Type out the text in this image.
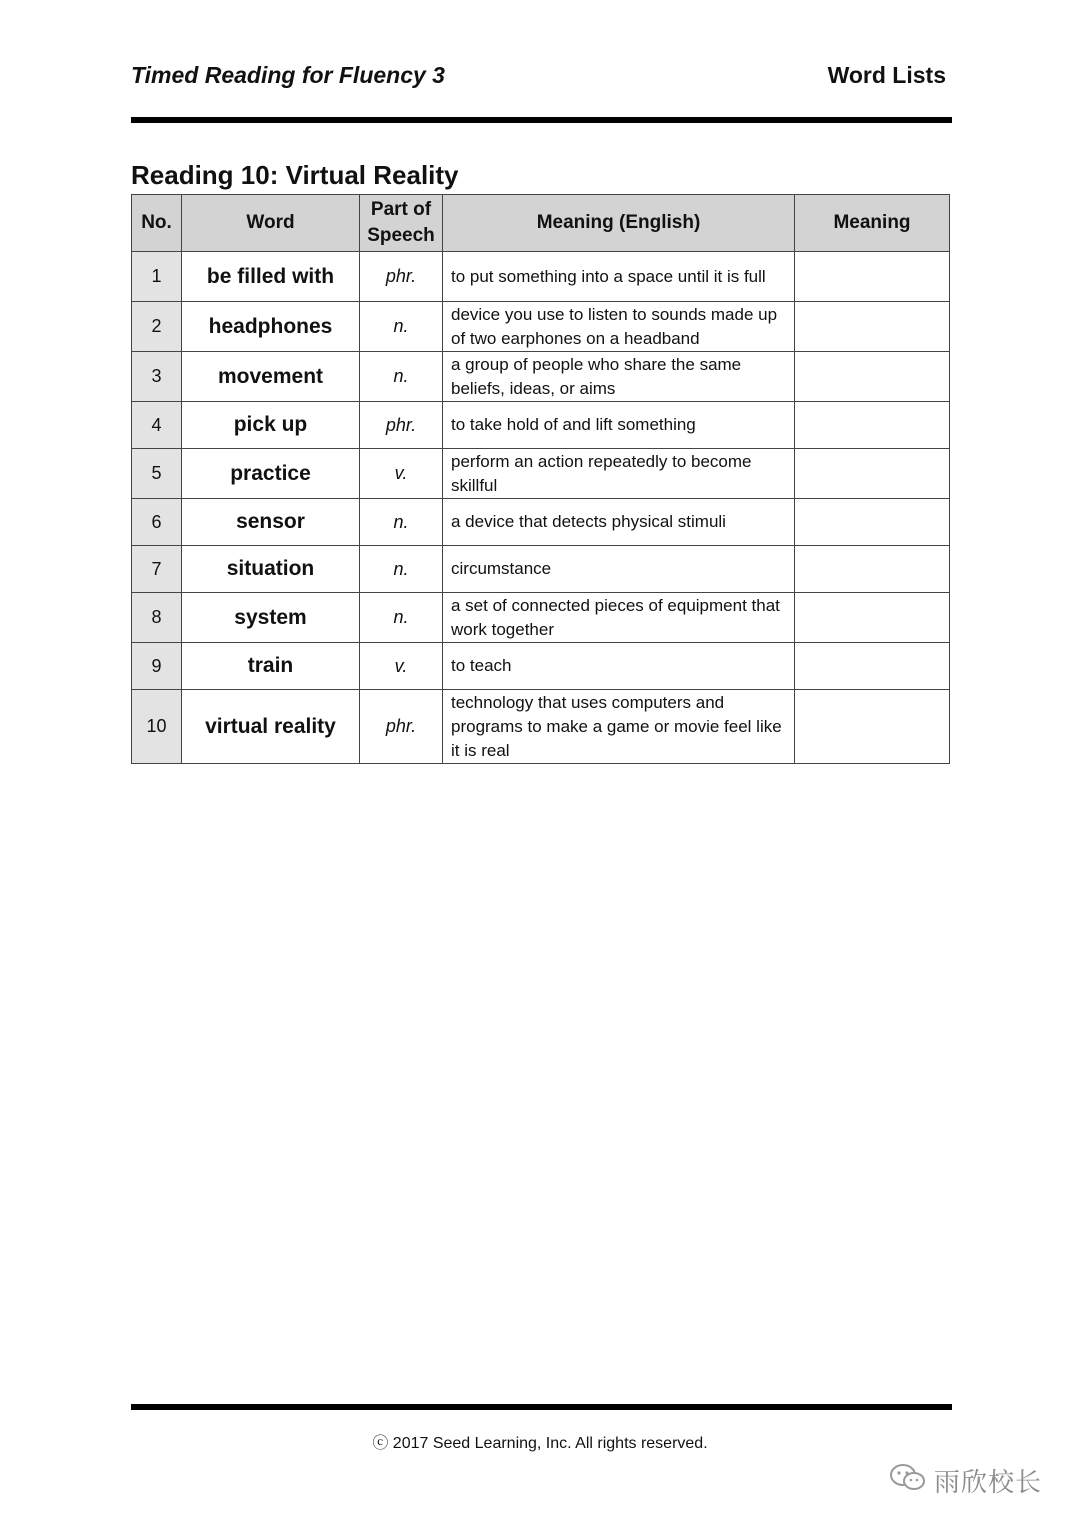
Timed Reading for Fluency 3	Word Lists
Reading 10: Virtual Reality
No.	Word	Part of Speech	Meaning (English)	Meaning
1	be filled with	phr.	to put something into a space until it is full	
2	headphones	n.	device you use to listen to sounds made up of two earphones on a headband	
3	movement	n.	a group of people who share the same beliefs, ideas, or aims	
4	pick up	phr.	to take hold of and lift something	
5	practice	v.	perform an action repeatedly to become skillful	
6	sensor	n.	a device that detects physical stimuli	
7	situation	n.	circumstance	
8	system	n.	a set of connected pieces of equipment that work together	
9	train	v.	to teach	
10	virtual reality	phr.	technology that uses computers and programs to make a game or movie feel like it is real	
ⓒ 2017 Seed Learning, Inc. All rights reserved.
雨欣校长
